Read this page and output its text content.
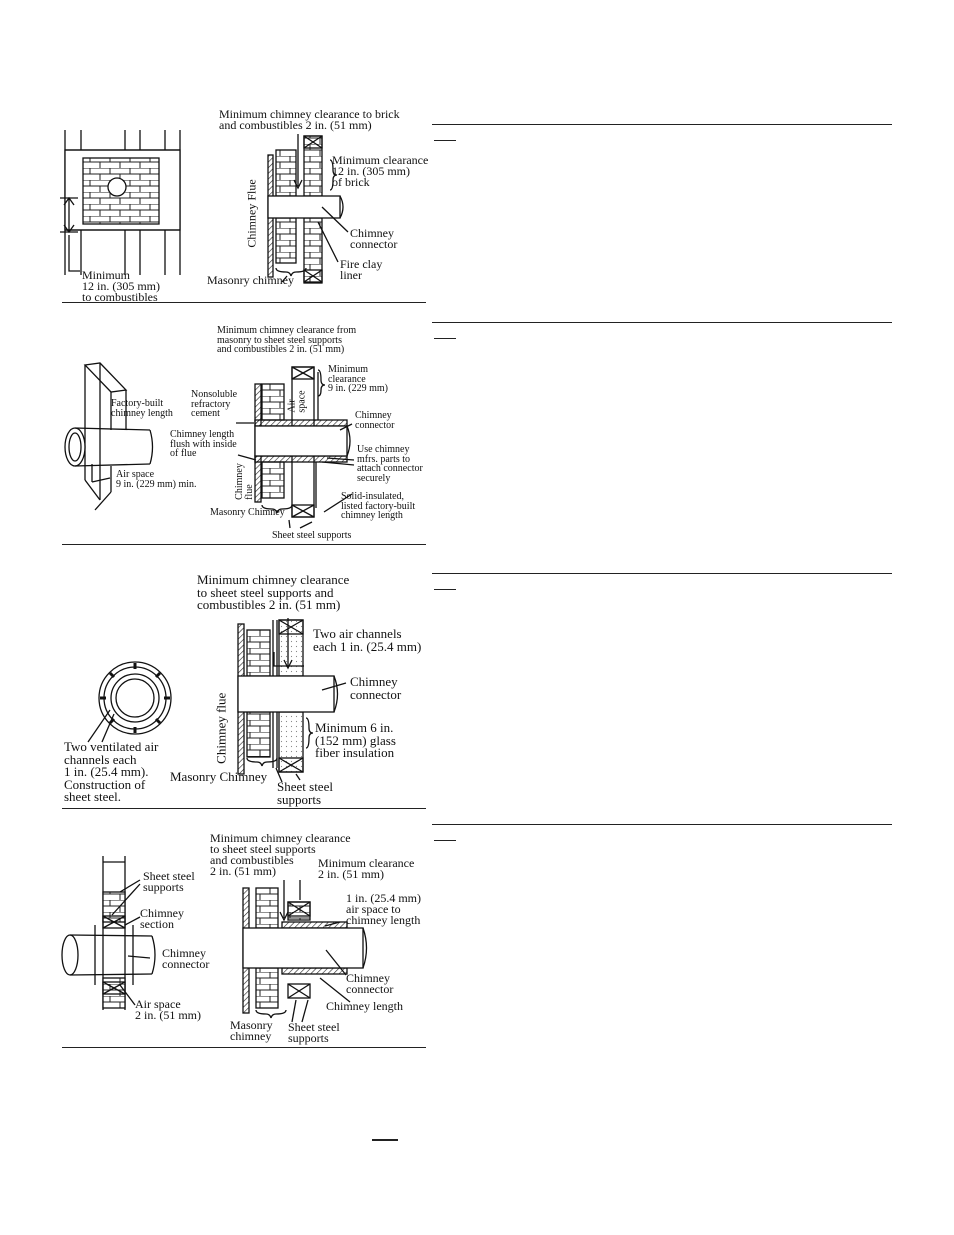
Minimum chimney clearance to brick
and combustibles 2 in. (51 mm)
Minimum
12 in. (305 mm)
to combustibles
Minimum clearance
12 in. (305 mm)
of brick
Chimney Flue	Chimney
connector
Fire clay
liner
Masonry chimney
Minimum chimney clearance from
masonry to sheet steel supports
and combustibles 2 in. (51 mm)
Factory-built
chimney length
Chimney length
flush with inside
of flue
Air space
9 in. (229 mm) min.
Nonsoluble
refractory
cement
Air
space
Minimum
clearance
9 in. (229 mm)
Chimney
connector
Use chimney
mfrs. parts to
attach connector
securely
Chimney
flue	Solid-insulated,
listed factory-built
chimney length
Masonry Chimney
Sheet steel supports
Minimum chimney clearance
to sheet steel supports and
combustibles 2 in. (51 mm)
Two air channels
each 1 in. (25.4 mm)
Chimney
connector
Minimum 6 in.
(152 mm) glass
fiber insulation
Two ventilated air
channels each
1 in. (25.4 mm).
Construction of
sheet steel.
Chimney flue
Masonry Chimney
Sheet steel
supports
Minimum chimney clearance
to sheet steel supports
and combustibles
2 in. (51 mm)
Minimum clearance
2 in. (51 mm)
1 in. (25.4 mm)
air space to
chimney length
Sheet steel
supports
Chimney
section
Chimney
connector
Air space
2 in. (51 mm)
Chimney
connector
Chimney length
Masonry
chimney
Sheet steel
supports
